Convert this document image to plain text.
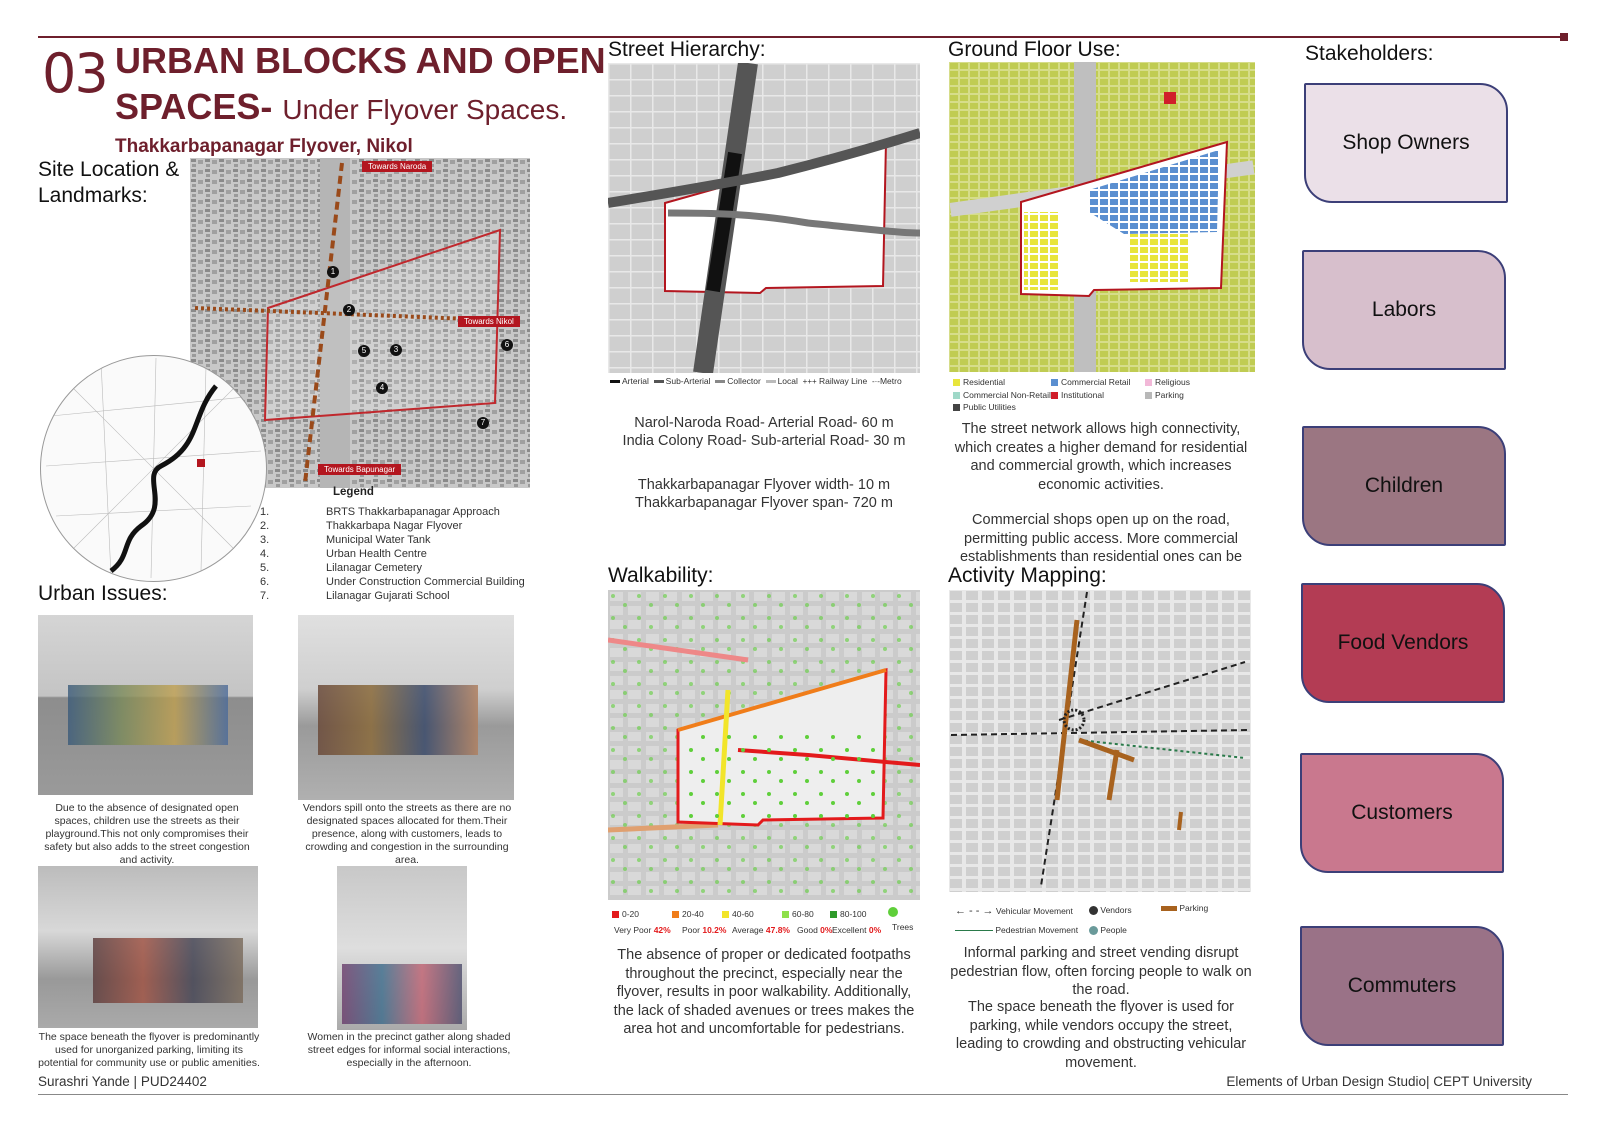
03 URBAN BLOCKS AND OPEN
SPACES- Under Flyover Spaces.
Thakkarbapanagar Flyover, Nikol
Site Location &
Landmarks:
Towards Naroda
Towards Nikol
Towards Bapunagar
1
2
3
4
5
6
7
Legend
1.	BRTS Thakkarbapanagar Approach
2.	Thakkarbapa Nagar Flyover
3.	Municipal Water Tank
4.	Urban Health Centre
5.	Lilanagar Cemetery
6.	Under Construction Commercial Building
7.	Lilanagar Gujarati School
Urban Issues:
Due to the absence of designated open spaces, children use the streets as their playground.This not only compromises their safety but also adds to the street congestion and activity.
Vendors spill onto the streets as there are no designated spaces allocated for them.Their presence, along with customers, leads to crowding and congestion in the surrounding area.
The space beneath the flyover is predominantly used for unorganized parking, limiting its potential for community use or public amenities.
Women in the precinct gather along shaded street edges for informal social interactions, especially in the afternoon.
Street Hierarchy:
Arterial Sub-Arterial Collector Local +++ Railway Line -·-Metro
Narol-Naroda Road- Arterial Road- 60 m
India Colony Road- Sub-arterial Road- 30 m
Thakkarbapanagar Flyover width- 10 m
Thakkarbapanagar Flyover span- 720 m
Ground Floor Use:
Residential	Commercial Retail	Religious
Commercial Non-Retail	Institutional	Parking
Public Utilities
The street network allows high connectivity, which creates a higher demand for residential and commercial growth, which increases economic activities.
Commercial shops open up on the road, permitting public access. More commercial establishments than residential ones can be
Walkability:
0-20	20-40	40-60	60-80	80-100
Trees
Very Poor 42% Poor 10.2% Average 47.8% Good 0% Excellent 0%
The absence of proper or dedicated footpaths throughout the precinct, especially near the flyover, results in poor walkability. Additionally, the lack of shaded avenues or trees makes the area hot and uncomfortable for pedestrians.
Activity Mapping:
← - - → Vehicular Movement	Vendors	Parking
Pedestrian Movement	People
Informal parking and street vending disrupt pedestrian flow, often forcing people to walk on the road.
The space beneath the flyover is used for parking, while vendors occupy the street, leading to crowding and obstructing vehicular movement.
Stakeholders:
Shop Owners
Labors
Children
Food Vendors
Customers
Commuters
Surashri Yande | PUD24402	Elements of Urban Design Studio| CEPT University
